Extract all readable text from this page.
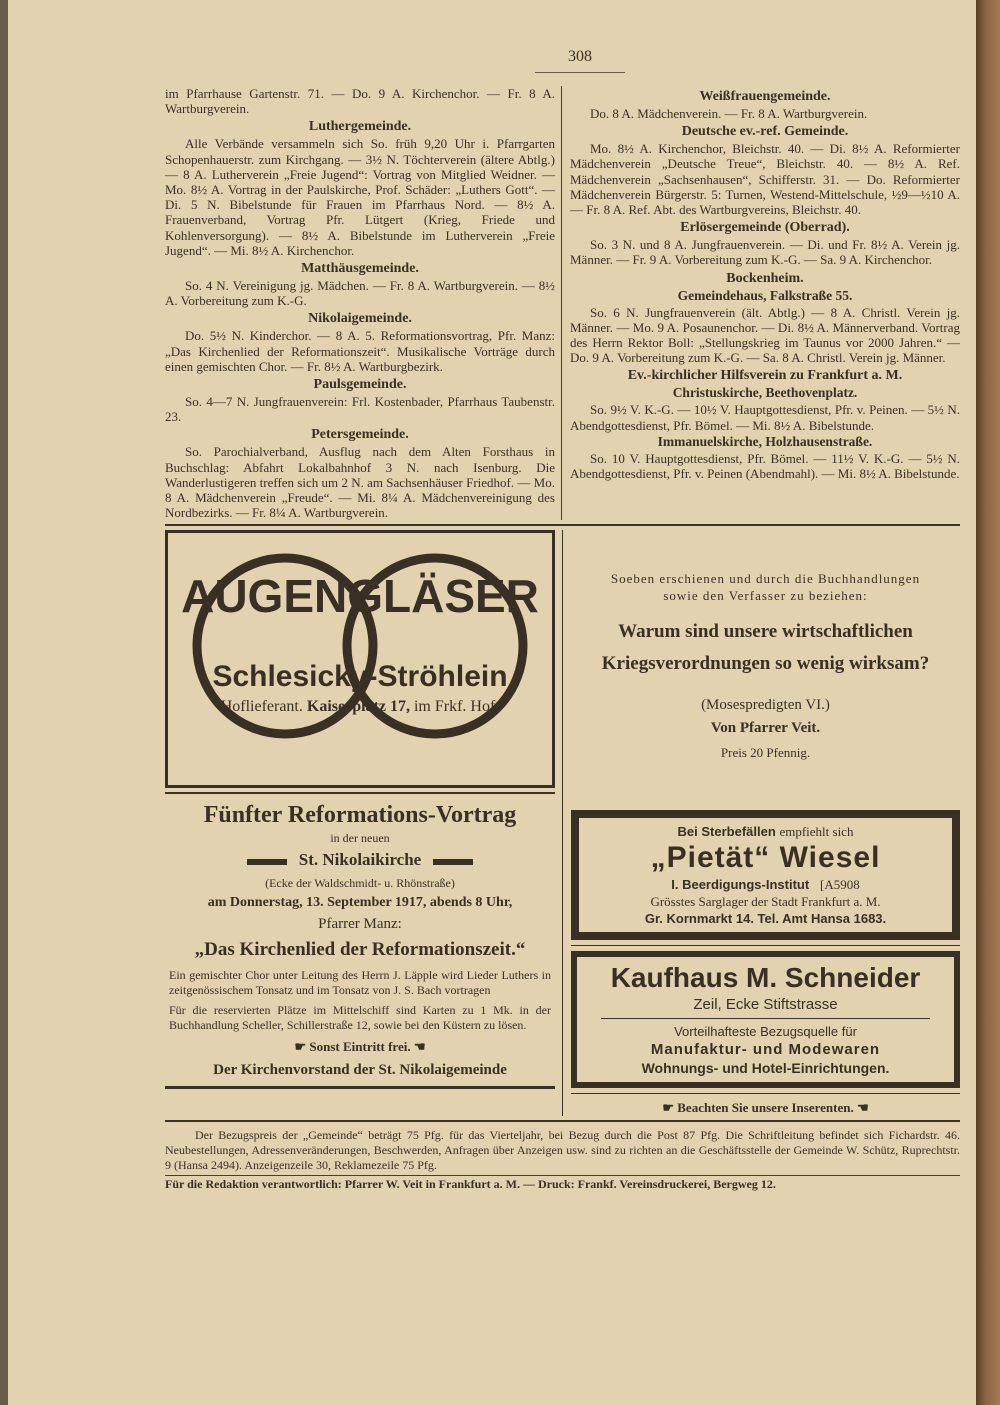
308

im Pfarrhause Gartenstr. 71. — Do. 9 A. Kirchenchor. — Fr. 8 A. Wartburgverein.

Luthergemeinde.

Alle Verbände versammeln sich So. früh 9,20 Uhr i. Pfarrgarten Schopenhauerstr. zum Kirchgang. — 3½ N. Töchterverein (ältere Abtlg.) — 8 A. Lutherverein „Freie Jugend“: Vortrag von Mitglied Weidner. — Mo. 8½ A. Vortrag in der Paulskirche, Prof. Schäder: „Luthers Gott“. — Di. 5 N. Bibelstunde für Frauen im Pfarrhaus Nord. — 8½ A. Frauenverband, Vortrag Pfr. Lütgert (Krieg, Friede und Kohlenversorgung). — 8½ A. Bibelstunde im Lutherverein „Freie Jugend“. — Mi. 8½ A. Kirchenchor.

Matthäusgemeinde.

So. 4 N. Vereinigung jg. Mädchen. — Fr. 8 A. Wartburgverein. — 8½ A. Vorbereitung zum K.-G.

Nikolaigemeinde.

Do. 5½ N. Kinderchor. — 8 A. 5. Reformationsvortrag, Pfr. Manz: „Das Kirchenlied der Reformationszeit“. Musikalische Vorträge durch einen gemischten Chor. — Fr. 8½ A. Wartburgbezirk.

Paulsgemeinde.

So. 4—7 N. Jungfrauenverein: Frl. Kostenbader, Pfarrhaus Taubenstr. 23.

Petersgemeinde.

So. Parochialverband, Ausflug nach dem Alten Forsthaus in Buchschlag: Abfahrt Lokalbahnhof 3 N. nach Isenburg. Die Wanderlustigeren treffen sich um 2 N. am Sachsenhäuser Friedhof. — Mo. 8 A. Mädchenverein „Freude“. — Mi. 8¼ A. Mädchenvereinigung des Nordbezirks. — Fr. 8¼ A. Wartburgverein.

Weißfrauengemeinde.

Do. 8 A. Mädchenverein. — Fr. 8 A. Wartburgverein.

Deutsche ev.-ref. Gemeinde.

Mo. 8½ A. Kirchenchor, Bleichstr. 40. — Di. 8½ A. Reformierter Mädchenverein „Deutsche Treue“, Bleichstr. 40. — 8½ A. Ref. Mädchenverein „Sachsenhausen“, Schifferstr. 31. — Do. Reformierter Mädchenverein Bürgerstr. 5: Turnen, Westend-Mittelschule, ½9—½10 A. — Fr. 8 A. Ref. Abt. des Wartburgvereins, Bleichstr. 40.

Erlösergemeinde (Oberrad).

So. 3 N. und 8 A. Jungfrauenverein. — Di. und Fr. 8½ A. Verein jg. Männer. — Fr. 9 A. Vorbereitung zum K.-G. — Sa. 9 A. Kirchenchor.

Bockenheim.
Gemeindehaus, Falkstraße 55.

So. 6 N. Jungfrauenverein (ält. Abtlg.) — 8 A. Christl. Verein jg. Männer. — Mo. 9 A. Posaunenchor. — Di. 8½ A. Männerverband. Vortrag des Herrn Rektor Boll: „Stellungskrieg im Taunus vor 2000 Jahren.“ — Do. 9 A. Vorbereitung zum K.-G. — Sa. 8 A. Christl. Verein jg. Männer.

Ev.-kirchlicher Hilfsverein zu Frankfurt a. M.
Christuskirche, Beethovenplatz.

So. 9½ V. K.-G. — 10½ V. Hauptgottesdienst, Pfr. v. Peinen. — 5½ N. Abendgottesdienst, Pfr. Bömel. — Mi. 8½ A. Bibelstunde.

Immanuelskirche, Holzhausenstraße.

So. 10 V. Hauptgottesdienst, Pfr. Bömel. — 11½ V. K.-G. — 5½ N. Abendgottesdienst, Pfr. v. Peinen (Abendmahl). — Mi. 8½ A. Bibelstunde.

AUGENGLÄSER
Schlesicky-Ströhlein
Hoflieferant. Kaiserplatz 17, im Frkf. Hof.
Fünfter Reformations-Vortrag
in der neuen
St. Nikolaikirche
(Ecke der Waldschmidt- u. Rhönstraße)
am Donnerstag, 13. September 1917, abends 8 Uhr,
Pfarrer Manz:
„Das Kirchenlied der Reformationszeit.“
Ein gemischter Chor unter Leitung des Herrn J. Läpple wird Lieder Luthers in zeitgenössischem Tonsatz und im Tonsatz von J. S. Bach vortragen
Für die reservierten Plätze im Mittelschiff sind Karten zu 1 Mk. in der Buchhandlung Scheller, Schillerstraße 12, sowie bei den Küstern zu lösen.
☛ Sonst Eintritt frei. ☚
Der Kirchenvorstand der St. Nikolaigemeinde
Soeben erschienen und durch die Buchhandlungen
sowie den Verfasser zu beziehen:
Warum sind unsere wirtschaftlichen
Kriegsverordnungen so wenig wirksam?
(Mosespredigten VI.)
Von Pfarrer Veit.
Preis 20 Pfennig.
Bei Sterbefällen empfiehlt sich
„Pietät“ Wiesel
I. Beerdigungs-Institut [A5908
Grösstes Sarglager der Stadt Frankfurt a. M.
Gr. Kornmarkt 14. Tel. Amt Hansa 1683.
Kaufhaus M. Schneider
Zeil, Ecke Stiftstrasse
Vorteilhafteste Bezugsquelle für
Manufaktur- und Modewaren
Wohnungs- und Hotel-Einrichtungen.
☛ Beachten Sie unsere Inserenten. ☚

Der Bezugspreis der „Gemeinde“ beträgt 75 Pfg. für das Vierteljahr, bei Bezug durch die Post 87 Pfg. Die Schriftleitung befindet sich Fichardstr. 46. Neubestellungen, Adressenveränderungen, Beschwerden, Anfragen über Anzeigen usw. sind zu richten an die Geschäftsstelle der Gemeinde W. Schütz, Ruprechtstr. 9 (Hansa 2494). Anzeigenzeile 30, Reklamezeile 75 Pfg.

Für die Redaktion verantwortlich: Pfarrer W. Veit in Frankfurt a. M. — Druck: Frankf. Vereinsdruckerei, Bergweg 12.
